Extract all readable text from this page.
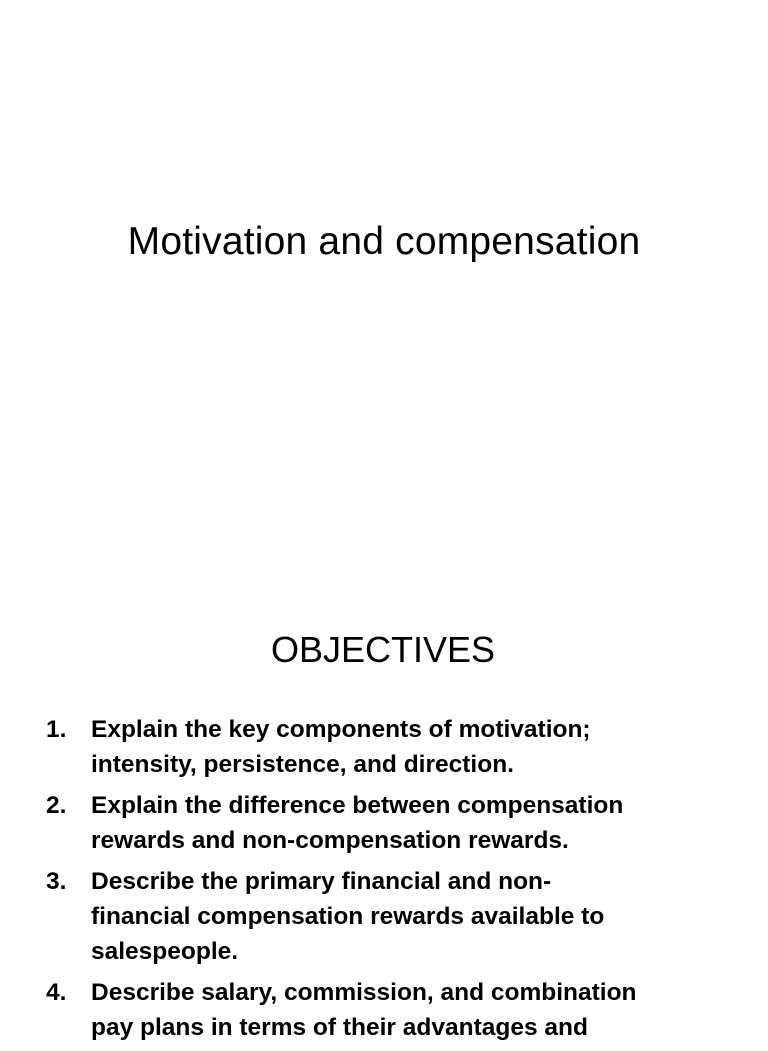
Motivation and compensation
OBJECTIVES
1.	Explain the key components of motivation;
intensity, persistence, and direction.
2.	Explain the difference between compensation
rewards and non-compensation rewards.
3.	Describe the primary financial and non-
financial compensation rewards available to
salespeople.
4.	Describe salary, commission, and combination
pay plans in terms of their advantages and
